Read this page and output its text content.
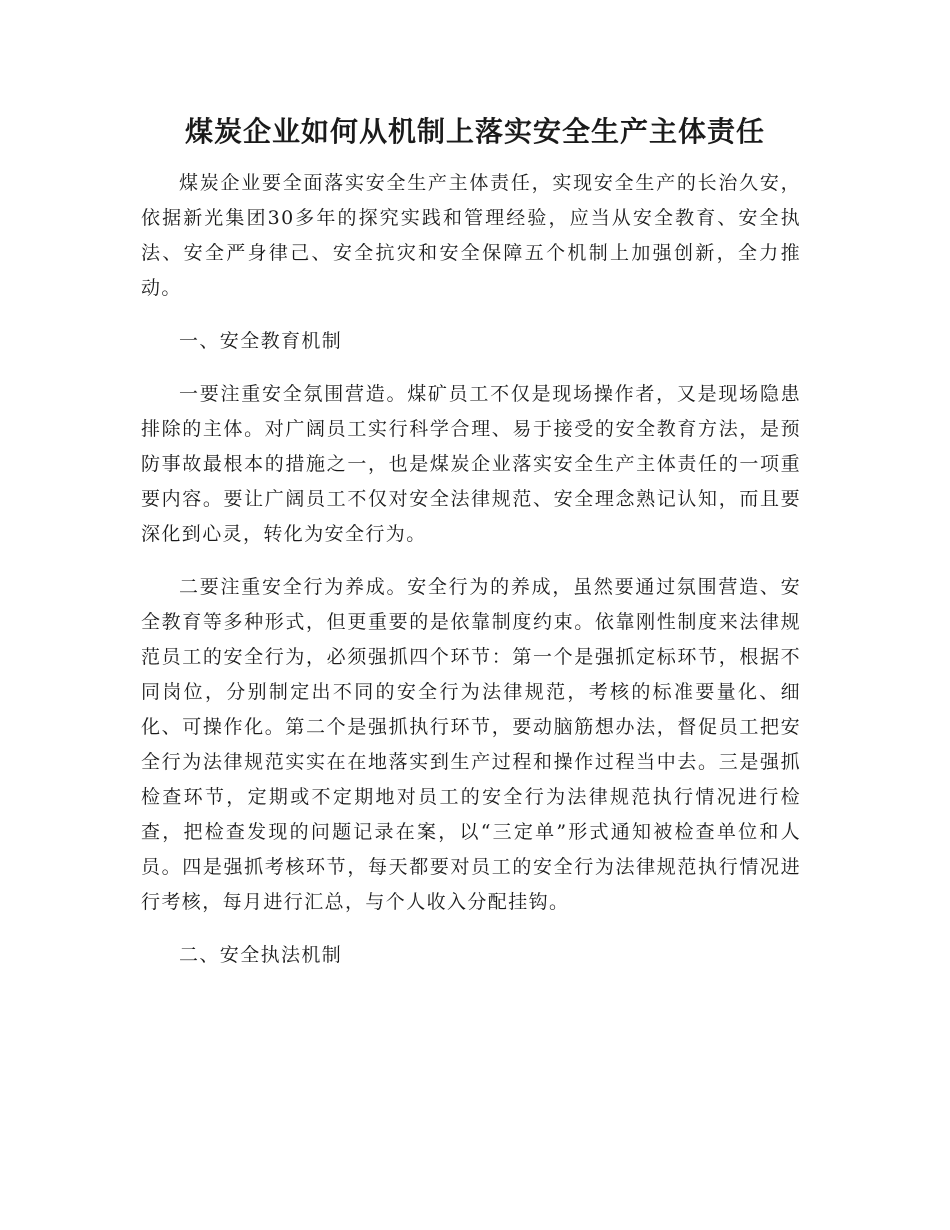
煤炭企业如何从机制上落实安全生产主体责任

煤炭企业要全面落实安全生产主体责任，实现安全生产的长治久安，依据新光集团30多年的探究实践和管理经验，应当从安全教育、安全执法、安全严身律己、安全抗灾和安全保障五个机制上加强创新，全力推动。

一、安全教育机制

一要注重安全氛围营造。煤矿员工不仅是现场操作者，又是现场隐患排除的主体。对广阔员工实行科学合理、易于接受的安全教育方法，是预防事故最根本的措施之一，也是煤炭企业落实安全生产主体责任的一项重要内容。要让广阔员工不仅对安全法律规范、安全理念熟记认知，而且要深化到心灵，转化为安全行为。

二要注重安全行为养成。安全行为的养成，虽然要通过氛围营造、安全教育等多种形式，但更重要的是依靠制度约束。依靠刚性制度来法律规范员工的安全行为，必须强抓四个环节：第一个是强抓定标环节，根据不同岗位，分别制定出不同的安全行为法律规范，考核的标准要量化、细化、可操作化。第二个是强抓执行环节，要动脑筋想办法，督促员工把安全行为法律规范实实在在地落实到生产过程和操作过程当中去。三是强抓检查环节，定期或不定期地对员工的安全行为法律规范执行情况进行检查，把检查发现的问题记录在案，以“三定单”形式通知被检查单位和人员。四是强抓考核环节，每天都要对员工的安全行为法律规范执行情况进行考核，每月进行汇总，与个人收入分配挂钩。

二、安全执法机制
